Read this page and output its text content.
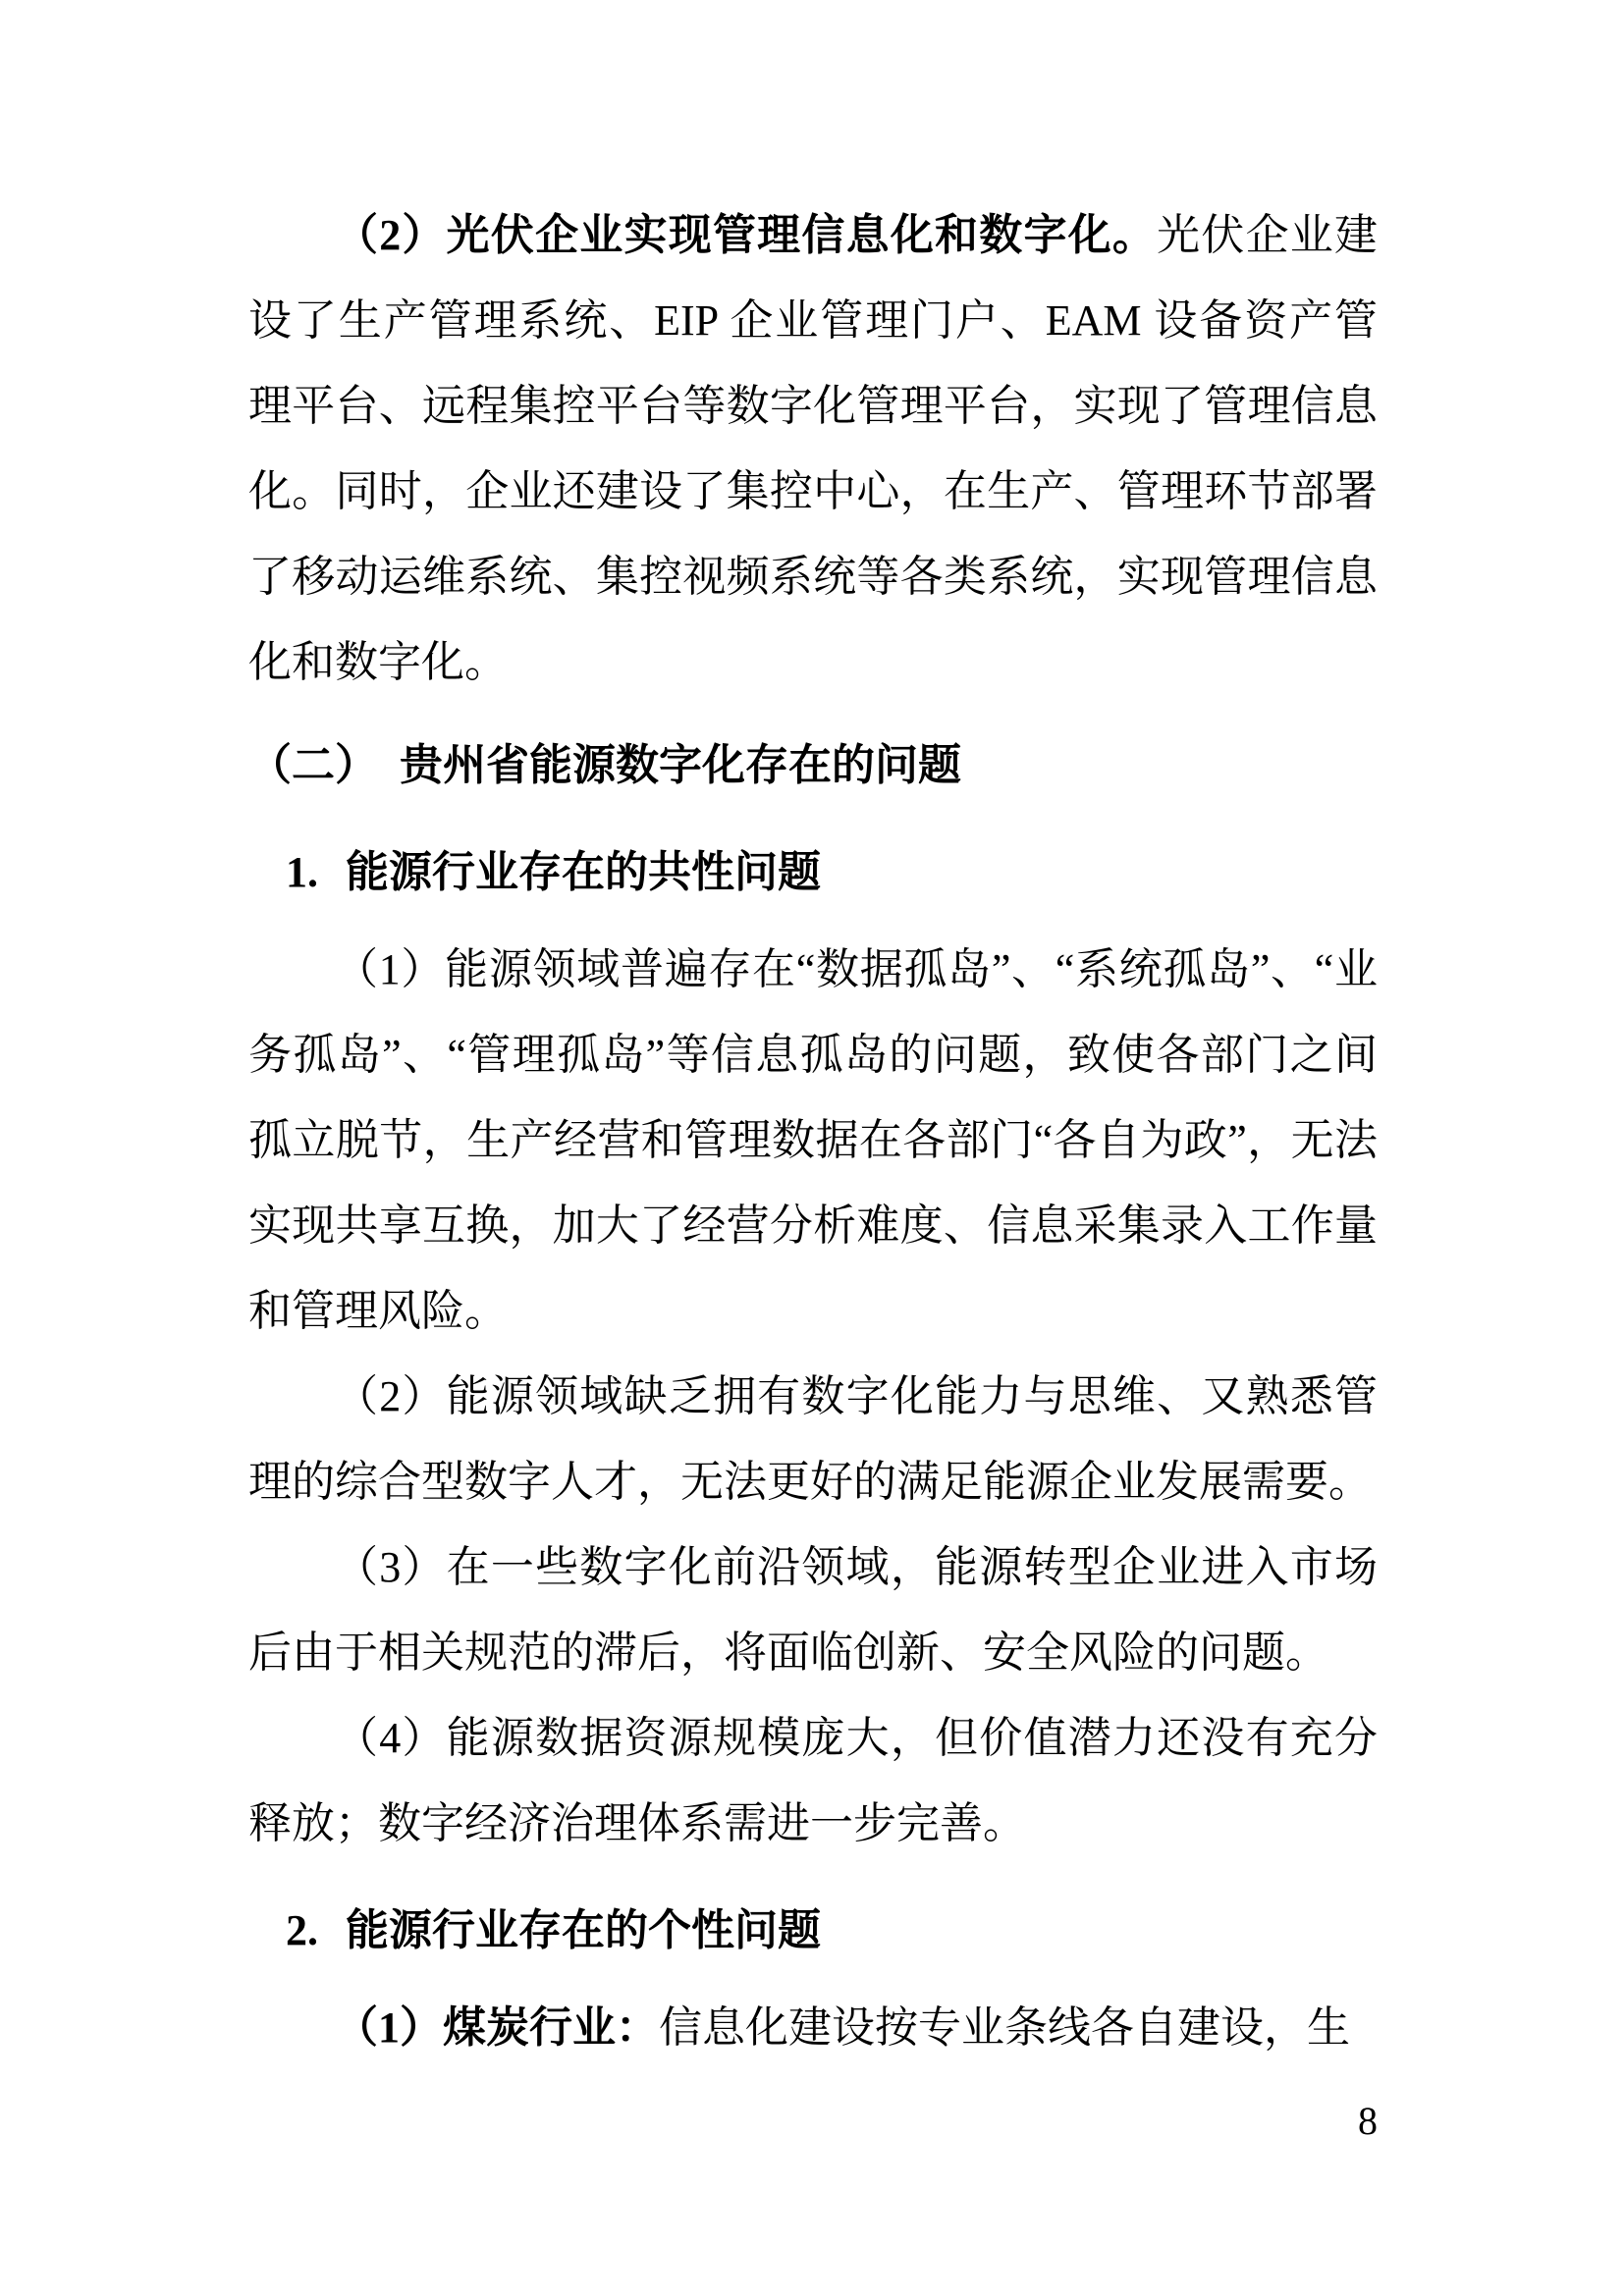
（2）光伏企业实现管理信息化和数字化。光伏企业建设了生产管理系统、EIP 企业管理门户、EAM 设备资产管理平台、远程集控平台等数字化管理平台，实现了管理信息化。同时，企业还建设了集控中心，在生产、管理环节部署了移动运维系统、集控视频系统等各类系统，实现管理信息化和数字化。

（二） 贵州省能源数字化存在的问题
1. 能源行业存在的共性问题

（1）能源领域普遍存在“数据孤岛”、“系统孤岛”、“业务孤岛”、“管理孤岛”等信息孤岛的问题，致使各部门之间孤立脱节，生产经营和管理数据在各部门“各自为政”，无法实现共享互换，加大了经营分析难度、信息采集录入工作量和管理风险。

（2）能源领域缺乏拥有数字化能力与思维、又熟悉管理的综合型数字人才，无法更好的满足能源企业发展需要。

（3）在一些数字化前沿领域，能源转型企业进入市场后由于相关规范的滞后，将面临创新、安全风险的问题。

（4）能源数据资源规模庞大，但价值潜力还没有充分释放；数字经济治理体系需进一步完善。

2. 能源行业存在的个性问题

（1）煤炭行业：信息化建设按专业条线各自建设，生

8
